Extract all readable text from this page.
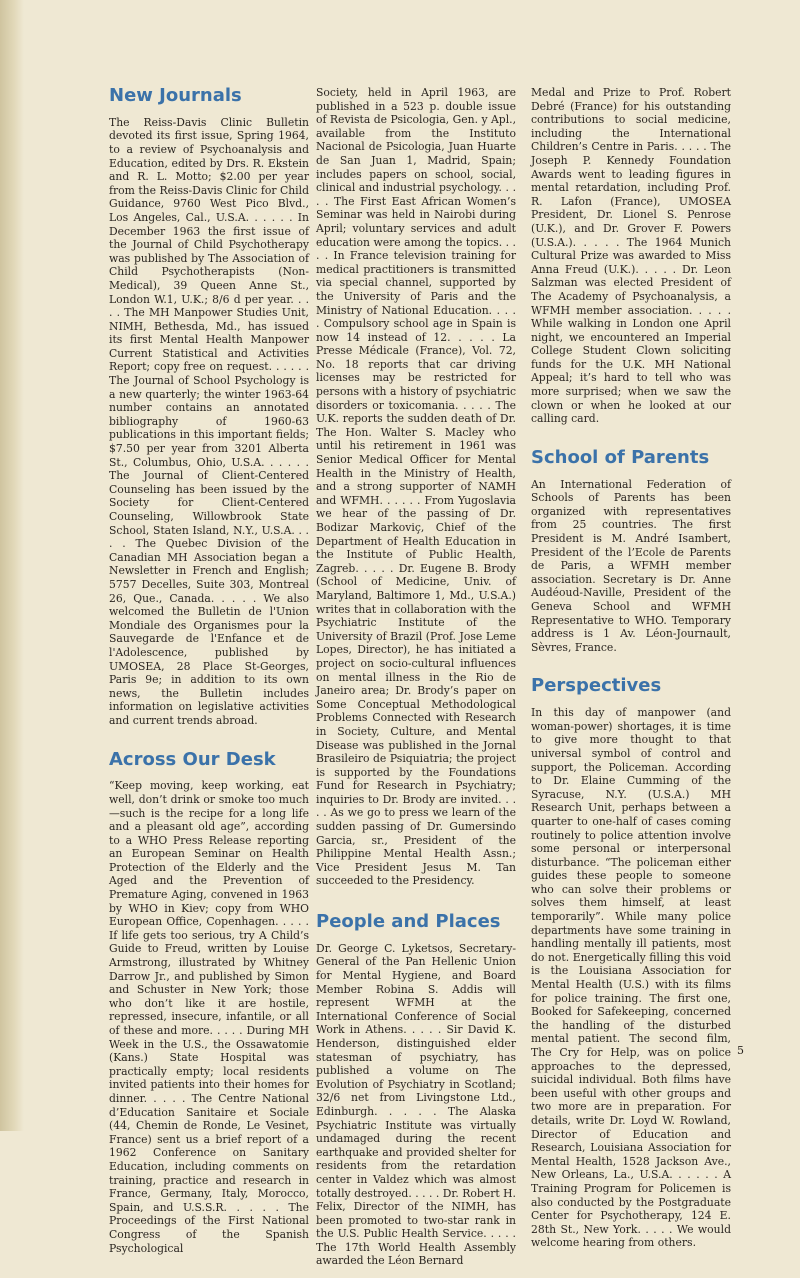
New Journals

The Reiss-Davis Clinic Bulletin devoted its first issue, Spring 1964, to a review of Psychoanalysis and Education, edited by Drs. R. Ekstein and R. L. Motto; $2.00 per year from the Reiss-Davis Clinic for Child Guidance, 9760 West Pico Blvd., Los Angeles, Cal., U.S.A. . . . . . In December 1963 the first issue of the Journal of Child Psychotherapy was published by The Association of Child Psychotherapists (Non-Medical), 39 Queen Anne St., London W.1, U.K.; 8/6 d per year. . . . . The MH Manpower Studies Unit, NIMH, Bethesda, Md., has issued its first Mental Health Manpower Current Statistical and Activities Report; copy free on request. . . . . . The Journal of School Psychology is a new quarterly; the winter 1963-64 number contains an annotated bibliography of 1960-63 publications in this important fields; $7.50 per year from 3201 Alberta St., Columbus, Ohio, U.S.A. . . . . . The Journal of Client-Centered Counseling has been issued by the Society for Client-Centered Counseling, Willowbrook State School, Staten Island, N.Y., U.S.A. . . . . The Quebec Division of the Canadian MH Association began a Newsletter in French and English; 5757 Decelles, Suite 303, Montreal 26, Que., Canada. . . . . We also welcomed the Bulletin de l'Union Mondiale des Organismes pour la Sauvegarde de l'Enfance et de l'Adolescence, published by UMOSEA, 28 Place St-Georges, Paris 9e; in addition to its own news, the Bulletin includes information on legislative activities and current trends abroad.

Across Our Desk

“Keep moving, keep working, eat well, don’t drink or smoke too much—such is the recipe for a long life and a pleasant old age”, according to a WHO Press Release reporting an European Seminar on Health Protection of the Elderly and the Aged and the Prevention of Premature Aging, convened in 1963 by WHO in Kiev; copy from WHO European Office, Copenhagen. . . . . If life gets too serious, try A Child’s Guide to Freud, written by Louise Armstrong, illustrated by Whitney Darrow Jr., and published by Simon and Schuster in New York; those who don’t like it are hostile, repressed, insecure, infantile, or all of these and more. . . . . During MH Week in the U.S., the Ossawatomie (Kans.) State Hospital was practically empty; local residents invited patients into their homes for dinner. . . . . The Centre National d’Education Sanitaire et Sociale (44, Chemin de Ronde, Le Vesinet, France) sent us a brief report of a 1962 Conference on Sanitary Education, including comments on training, practice and research in France, Germany, Italy, Morocco, Spain, and U.S.S.R. . . . . The Proceedings of the First National Congress of the Spanish Psychological

Society, held in April 1963, are published in a 523 p. double issue of Revista de Psicologia, Gen. y Apl., available from the Instituto Nacional de Psicologia, Juan Huarte de San Juan 1, Madrid, Spain; includes papers on school, social, clinical and industrial psychology. . . . . The First East African Women’s Seminar was held in Nairobi during April; voluntary services and adult education were among the topics. . . . . In France television training for medical practitioners is transmitted via special channel, supported by the University of Paris and the Ministry of National Education. . . . . Compulsory school age in Spain is now 14 instead of 12. . . . . La Presse Médicale (France), Vol. 72, No. 18 reports that car driving licenses may be restricted for persons with a history of psychiatric disorders or toxicomania. . . . . The U.K. reports the sudden death of Dr. The Hon. Walter S. Macley who until his retirement in 1961 was Senior Medical Officer for Mental Health in the Ministry of Health, and a strong supporter of NAMH and WFMH. . . . . . From Yugoslavia we hear of the passing of Dr. Bodizar Markoviç, Chief of the Department of Health Education in the Institute of Public Health, Zagreb. . . . . Dr. Eugene B. Brody (School of Medicine, Univ. of Maryland, Baltimore 1, Md., U.S.A.) writes that in collaboration with the Psychiatric Institute of the University of Brazil (Prof. Jose Leme Lopes, Director), he has initiated a project on socio-cultural influences on mental illness in the Rio de Janeiro area; Dr. Brody’s paper on Some Conceptual Methodological Problems Connected with Research in Society, Culture, and Mental Disease was published in the Jornal Brasileiro de Psiquiatria; the project is supported by the Foundations Fund for Research in Psychiatry; inquiries to Dr. Brody are invited. . . . . As we go to press we learn of the sudden passing of Dr. Gumersindo Garcia, sr., President of the Philippine Mental Health Assn.; Vice President Jesus M. Tan succeeded to the Presidency.

People and Places

Dr. George C. Lyketsos, Secretary-General of the Pan Hellenic Union for Mental Hygiene, and Board Member Robina S. Addis will represent WFMH at the International Conference of Social Work in Athens. . . . . Sir David K. Henderson, distinguished elder statesman of psychiatry, has published a volume on The Evolution of Psychiatry in Scotland; 32/6 net from Livingstone Ltd., Edinburgh. . . . . The Alaska Psychiatric Institute was virtually undamaged during the recent earthquake and provided shelter for residents from the retardation center in Valdez which was almost totally destroyed. . . . . Dr. Robert H. Felix, Director of the NIMH, has been promoted to two-star rank in the U.S. Public Health Service. . . . . The 17th World Health Assembly awarded the Léon Bernard

Medal and Prize to Prof. Robert Debré (France) for his outstanding contributions to social medicine, including the International Children’s Centre in Paris. . . . . The Joseph P. Kennedy Foundation Awards went to leading figures in mental retardation, including Prof. R. Lafon (France), UMOSEA President, Dr. Lionel S. Penrose (U.K.), and Dr. Grover F. Powers (U.S.A.). . . . . The 1964 Munich Cultural Prize was awarded to Miss Anna Freud (U.K.). . . . . Dr. Leon Salzman was elected President of The Academy of Psychoanalysis, a WFMH member association. . . . . While walking in London one April night, we encountered an Imperial College Student Clown soliciting funds for the U.K. MH National Appeal; it’s hard to tell who was more surprised; when we saw the clown or when he looked at our calling card.

School of Parents

An International Federation of Schools of Parents has been organized with representatives from 25 countries. The first President is M. André Isambert, President of the l’Ecole de Parents de Paris, a WFMH member association. Secretary is Dr. Anne Audéoud-Naville, President of the Geneva School and WFMH Representative to WHO. Temporary address is 1 Av. Léon-Journault, Sèvres, France.

Perspectives

In this day of manpower (and woman-power) shortages, it is time to give more thought to that universal symbol of control and support, the Policeman. According to Dr. Elaine Cumming of the Syracuse, N.Y. (U.S.A.) MH Research Unit, perhaps between a quarter to one-half of cases coming routinely to police attention involve some personal or interpersonal disturbance. “The policeman either guides these people to someone who can solve their problems or solves them himself, at least temporarily”. While many police departments have some training in handling mentally ill patients, most do not. Energetically filling this void is the Louisiana Association for Mental Health (U.S.) with its films for police training. The first one, Booked for Safekeeping, concerned the handling of the disturbed mental patient. The second film, The Cry for Help, was on police approaches to the depressed, suicidal individual. Both films have been useful with other groups and two more are in preparation. For details, write Dr. Loyd W. Rowland, Director of Education and Research, Louisiana Association for Mental Health, 1528 Jackson Ave., New Orleans, La., U.S.A. . . . . . A Training Program for Policemen is also conducted by the Postgraduate Center for Psychotherapy, 124 E. 28th St., New York. . . . . We would welcome hearing from others.

5
